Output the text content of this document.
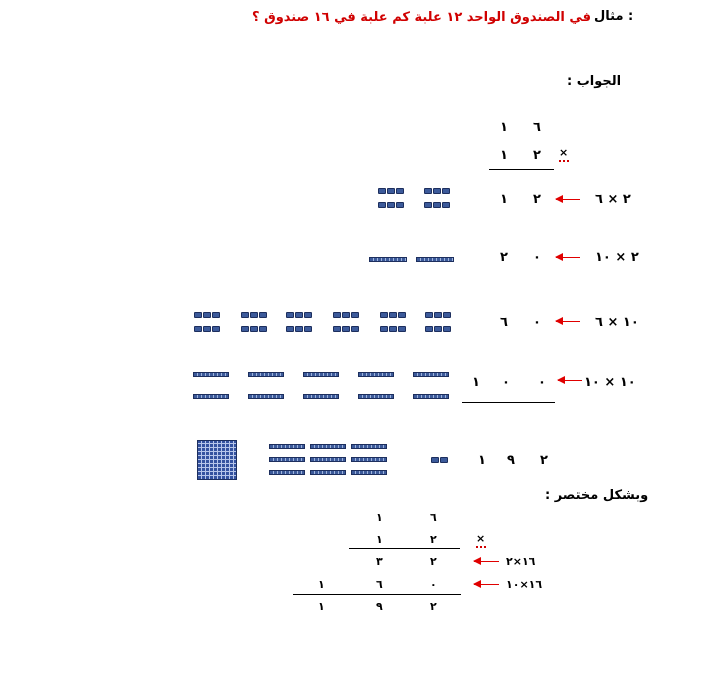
مثال :
في الصندوق الواحد ١٢ علبة كم علبة في ١٦ صندوق ؟
الجواب :
١ ٦
١ ٢ ×
١ ٢	٢ × ٦
٢ ٠	٢ × ١٠
٦ ٠	١٠ × ٦
١ ٠ ٠	١٠ × ١٠
١ ٩ ٢
وبشكل مختصر :
١	٦
١	٢	×
٣	٢	١٦×٢
١	٦	٠	١٦×١٠
١	٩	٢
